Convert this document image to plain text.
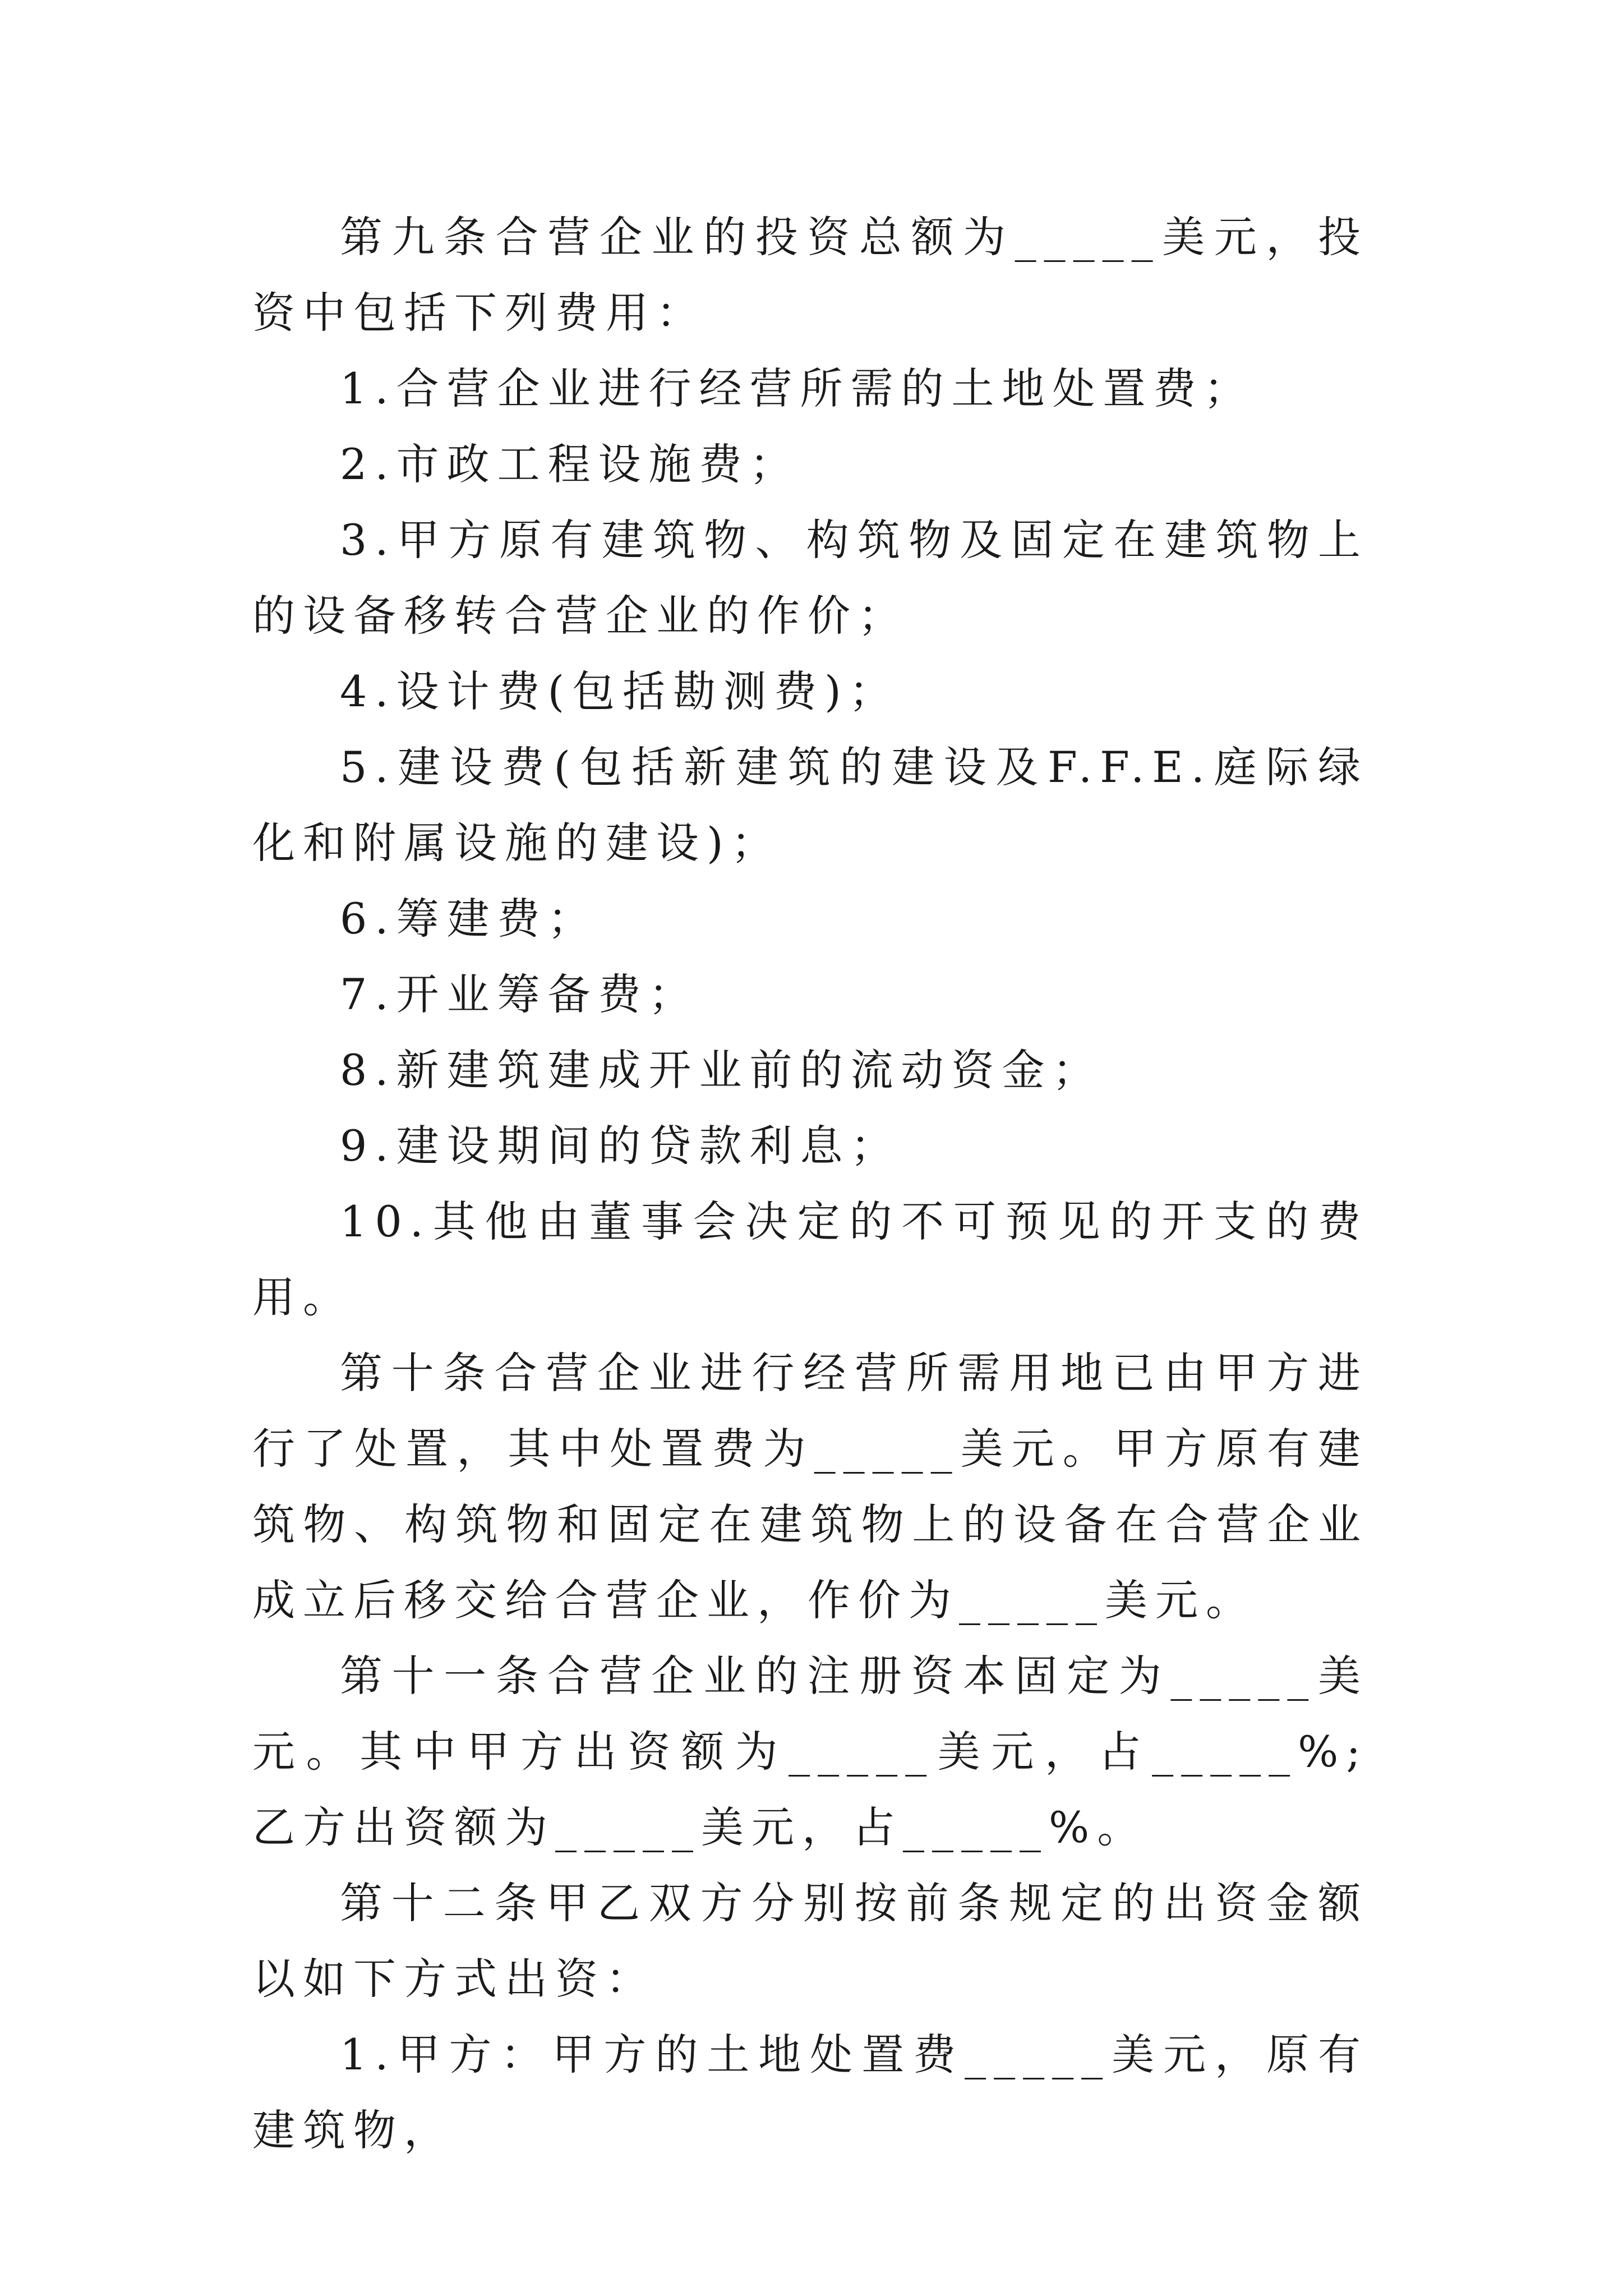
第九条合营企业的投资总额为_____美元，投资中包括下列费用：

1.合营企业进行经营所需的土地处置费；

2.市政工程设施费；

3.甲方原有建筑物、构筑物及固定在建筑物上的设备移转合营企业的作价；

4.设计费(包括勘测费)；

5.建设费(包括新建筑的建设及F.F.E.庭际绿化和附属设施的建设)；

6.筹建费；

7.开业筹备费；

8.新建筑建成开业前的流动资金；

9.建设期间的贷款利息；

10.其他由董事会决定的不可预见的开支的费用。

第十条合营企业进行经营所需用地已由甲方进行了处置，其中处置费为_____美元。甲方原有建筑物、构筑物和固定在建筑物上的设备在合营企业成立后移交给合营企业，作价为_____美元。

第十一条合营企业的注册资本固定为_____美元。其中甲方出资额为_____美元，占_____%;乙方出资额为_____美元，占_____%。

第十二条甲乙双方分别按前条规定的出资金额以如下方式出资：

1.甲方：甲方的土地处置费_____美元，原有建筑物，
